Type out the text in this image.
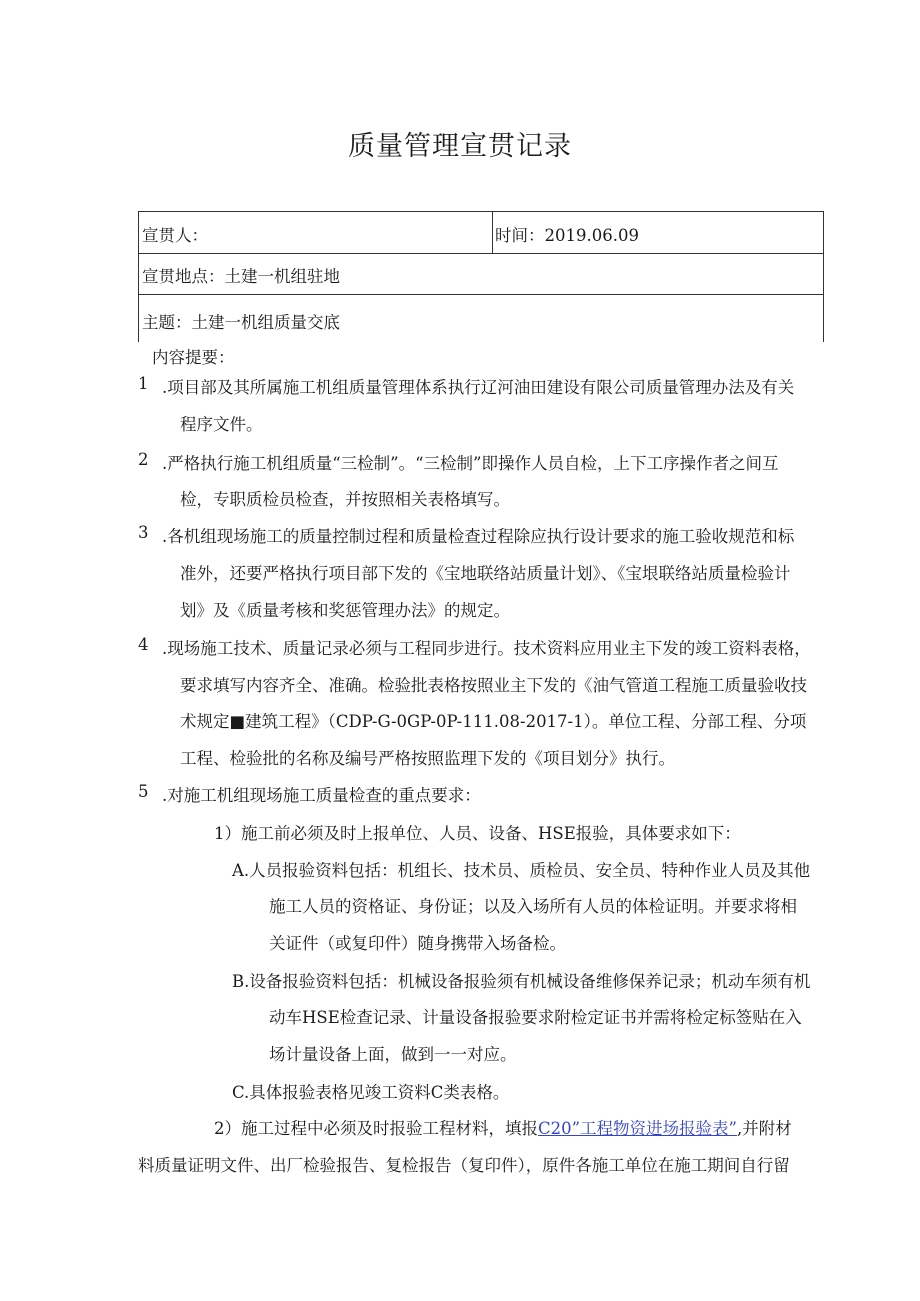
质量管理宣贯记录
宣贯人：	时间：2019.06.09
宣贯地点：土建一机组驻地
主题：土建一机组质量交底
内容提要：
1 .项目部及其所属施工机组质量管理体系执行辽河油田建设有限公司质量管理办法及有关
程序文件。
2 .严格执行施工机组质量“三检制”。“三检制”即操作人员自检，上下工序操作者之间互
检，专职质检员检查，并按照相关表格填写。
3 .各机组现场施工的质量控制过程和质量检查过程除应执行设计要求的施工验收规范和标
准外，还要严格执行项目部下发的《宝地联络站质量计划》、《宝垠联络站质量检验计
划》及《质量考核和奖惩管理办法》的规定。
4 .现场施工技术、质量记录必须与工程同步进行。技术资料应用业主下发的竣工资料表格，
要求填写内容齐全、准确。检验批表格按照业主下发的《油气管道工程施工质量验收技
术规定■建筑工程》（CDP-G-0GP-0P-111.08-2017-1）。单位工程、分部工程、分项
工程、检验批的名称及编号严格按照监理下发的《项目划分》执行。
5 .对施工机组现场施工质量检查的重点要求：
1）施工前必须及时上报单位、人员、设备、HSE报验，具体要求如下：
A.人员报验资料包括：机组长、技术员、质检员、安全员、特种作业人员及其他
施工人员的资格证、身份证；以及入场所有人员的体检证明。并要求将相
关证件（或复印件）随身携带入场备检。
B.设备报验资料包括：机械设备报验须有机械设备维修保养记录；机动车须有机
动车HSE检查记录、计量设备报验要求附检定证书并需将检定标签贴在入
场计量设备上面，做到一一对应。
C.具体报验表格见竣工资料C类表格。
2）施工过程中必须及时报验工程材料，填报C20”工程物资进场报验表”,并附材
料质量证明文件、出厂检验报告、复检报告（复印件），原件各施工单位在施工期间自行留
